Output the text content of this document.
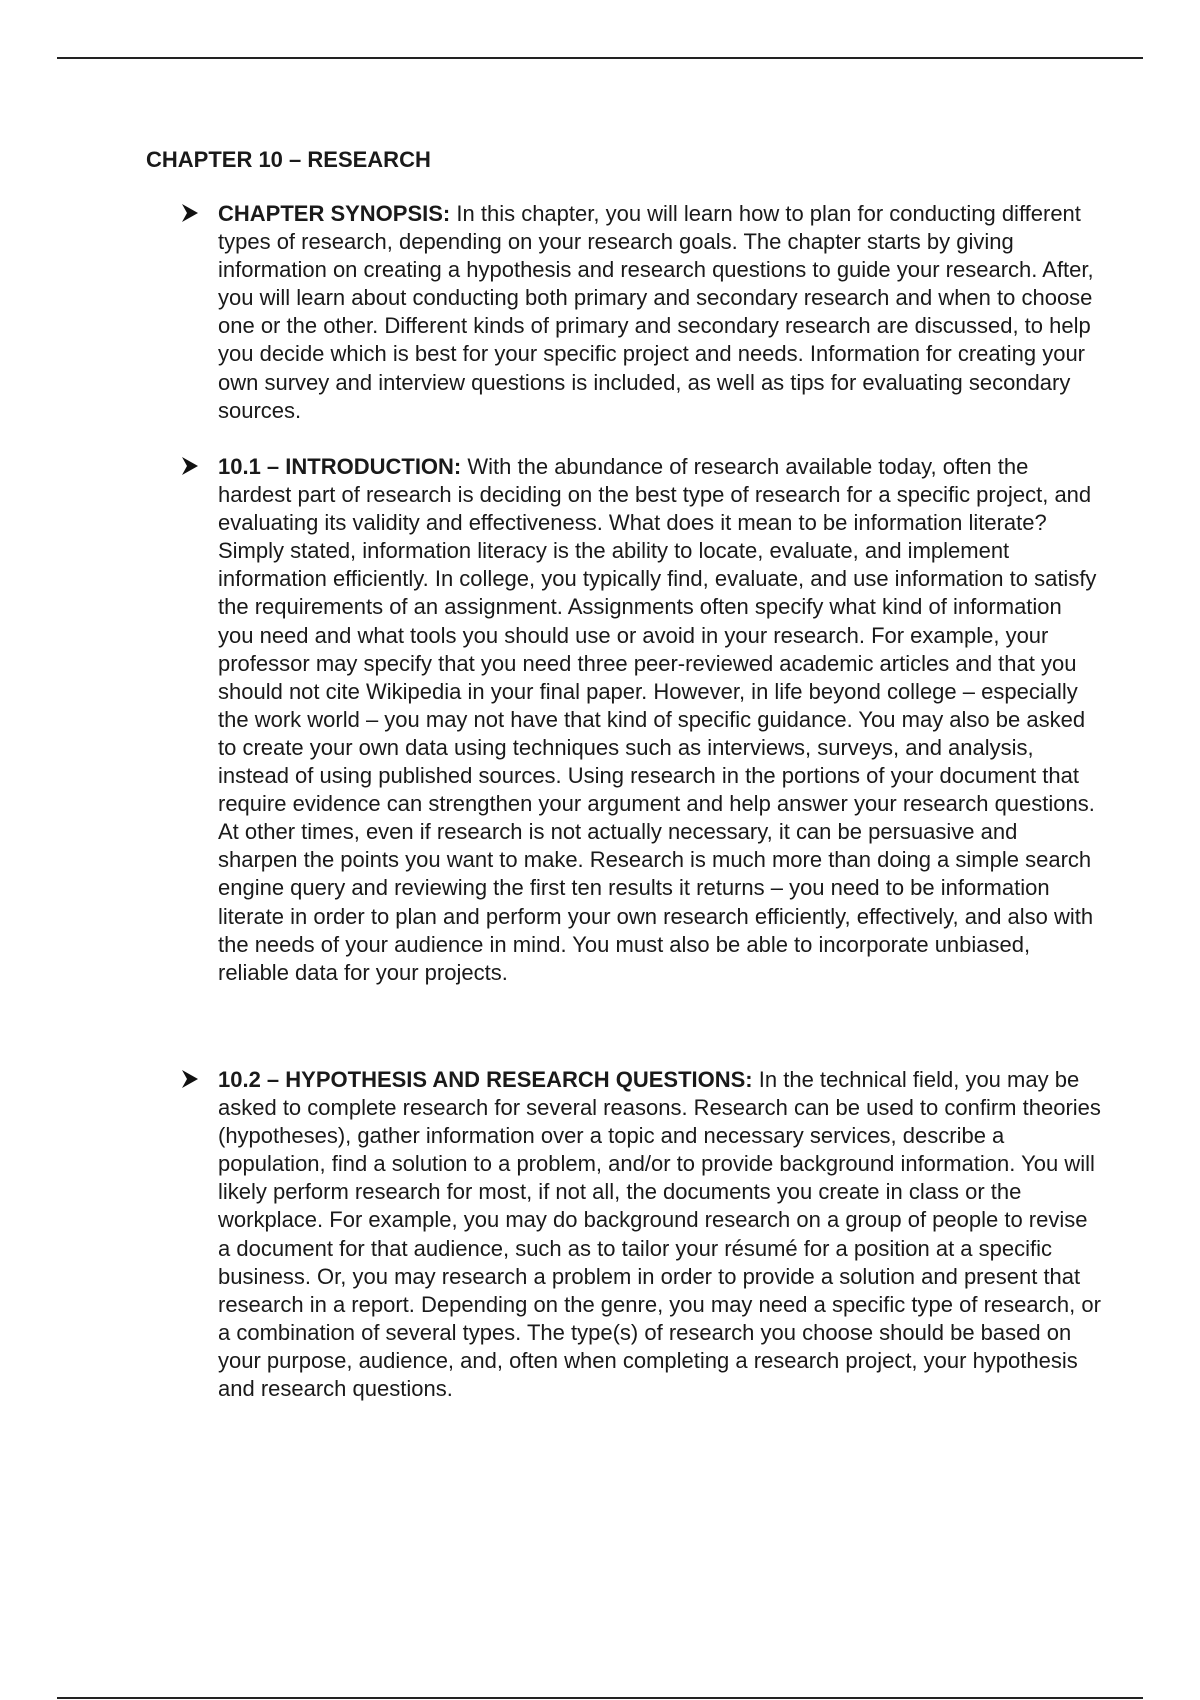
CHAPTER 10 – RESEARCH

CHAPTER SYNOPSIS: In this chapter, you will learn how to plan for conducting different types of research, depending on your research goals. The chapter starts by giving information on creating a hypothesis and research questions to guide your research. After, you will learn about conducting both primary and secondary research and when to choose one or the other. Different kinds of primary and secondary research are discussed, to help you decide which is best for your specific project and needs. Information for creating your own survey and interview questions is included, as well as tips for evaluating secondary sources.

10.1 – INTRODUCTION: With the abundance of research available today, often the hardest part of research is deciding on the best type of research for a specific project, and evaluating its validity and effectiveness. What does it mean to be information literate? Simply stated, information literacy is the ability to locate, evaluate, and implement information efficiently. In college, you typically find, evaluate, and use information to satisfy the requirements of an assignment. Assignments often specify what kind of information you need and what tools you should use or avoid in your research. For example, your professor may specify that you need three peer-reviewed academic articles and that you should not cite Wikipedia in your final paper. However, in life beyond college – especially the work world – you may not have that kind of specific guidance. You may also be asked to create your own data using techniques such as interviews, surveys, and analysis, instead of using published sources. Using research in the portions of your document that require evidence can strengthen your argument and help answer your research questions. At other times, even if research is not actually necessary, it can be persuasive and sharpen the points you want to make. Research is much more than doing a simple search engine query and reviewing the first ten results it returns – you need to be information literate in order to plan and perform your own research efficiently, effectively, and also with the needs of your audience in mind. You must also be able to incorporate unbiased, reliable data for your projects.

10.2 – HYPOTHESIS AND RESEARCH QUESTIONS: In the technical field, you may be asked to complete research for several reasons. Research can be used to confirm theories (hypotheses), gather information over a topic and necessary services, describe a population, find a solution to a problem, and/or to provide background information. You will likely perform research for most, if not all, the documents you create in class or the workplace. For example, you may do background research on a group of people to revise a document for that audience, such as to tailor your résumé for a position at a specific business. Or, you may research a problem in order to provide a solution and present that research in a report. Depending on the genre, you may need a specific type of research, or a combination of several types. The type(s) of research you choose should be based on your purpose, audience, and, often when completing a research project, your hypothesis and research questions.
